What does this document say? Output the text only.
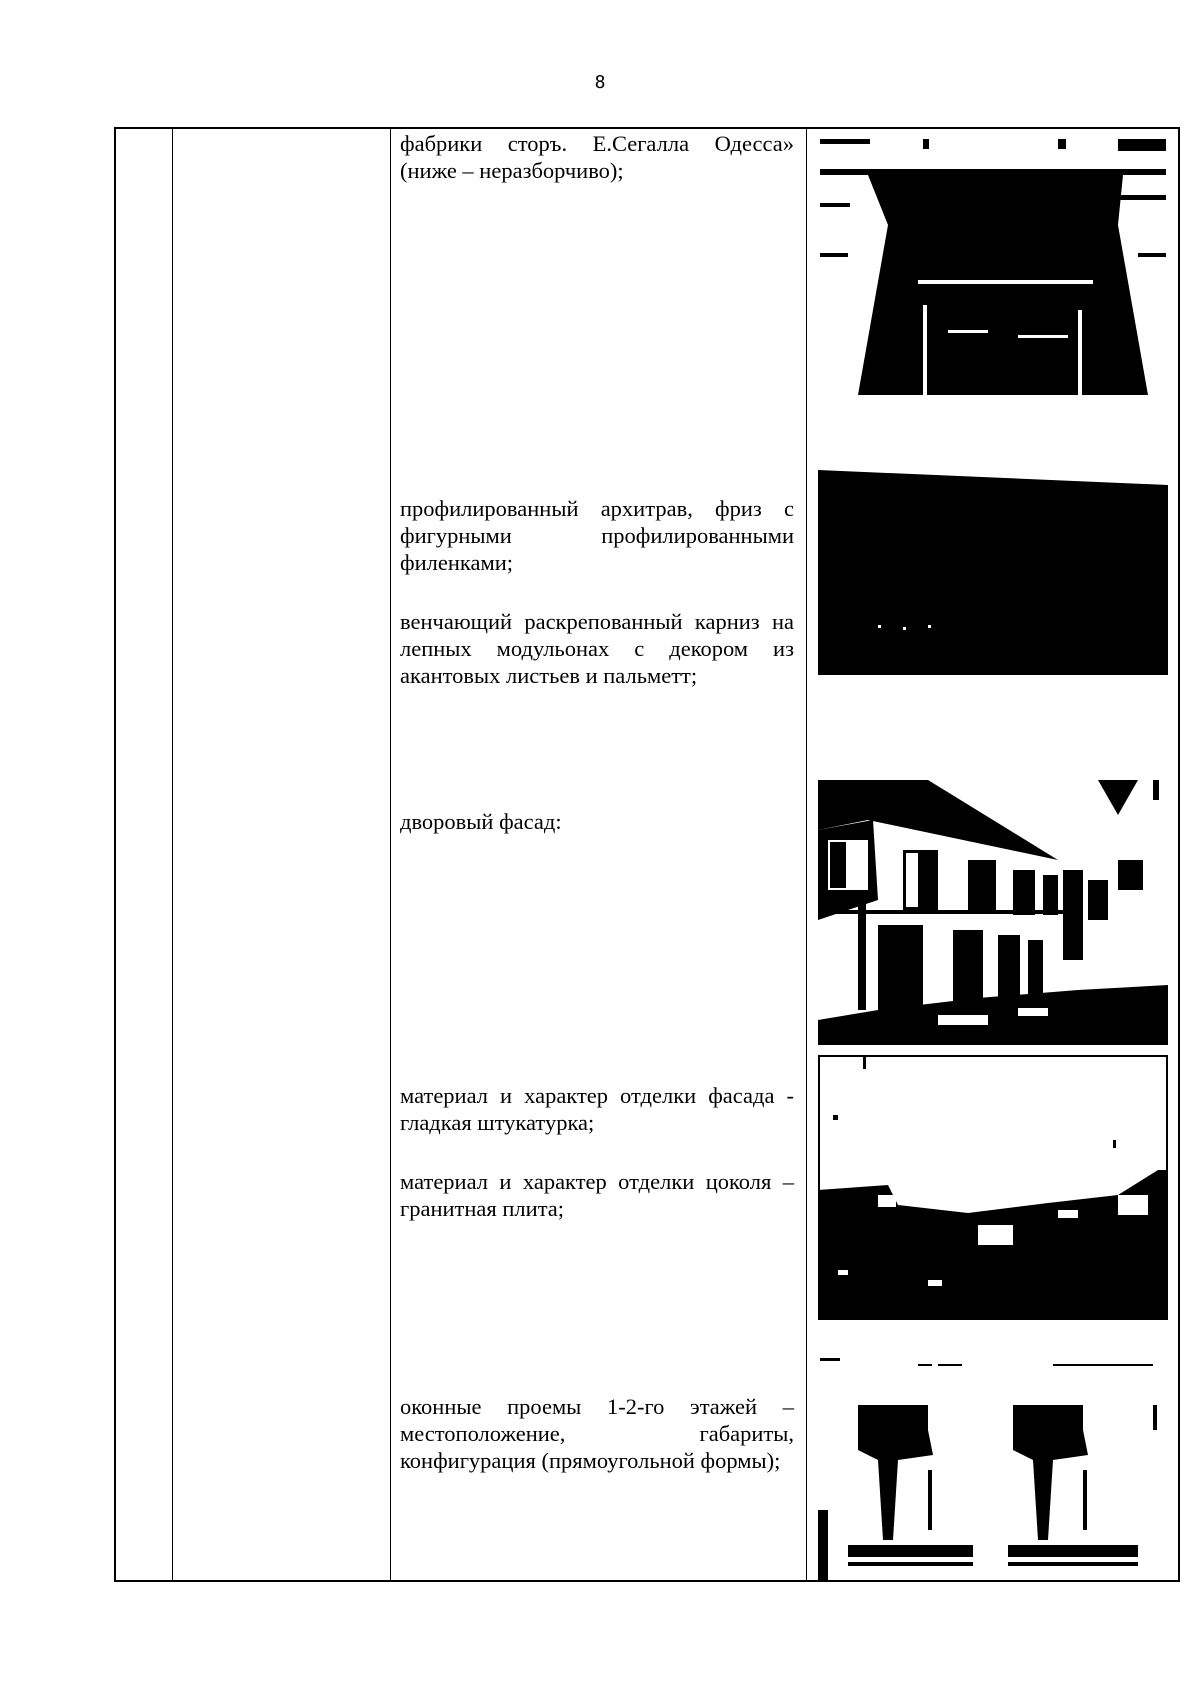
8
фабрики сторъ. Е.Сегалла Одесса» (ниже – неразборчиво);
профилированный архитрав, фриз с фигурными профилированными филенками;
венчающий раскрепованный карниз на лепных модульонах с декором из акантовых листьев и пальметт;
дворовый фасад:
материал и характер отделки фасада - гладкая штукатурка;
материал и характер отделки цоколя – гранитная плита;
оконные проемы 1-2-го этажей – местоположение, габариты, конфигурация (прямоугольной формы);
